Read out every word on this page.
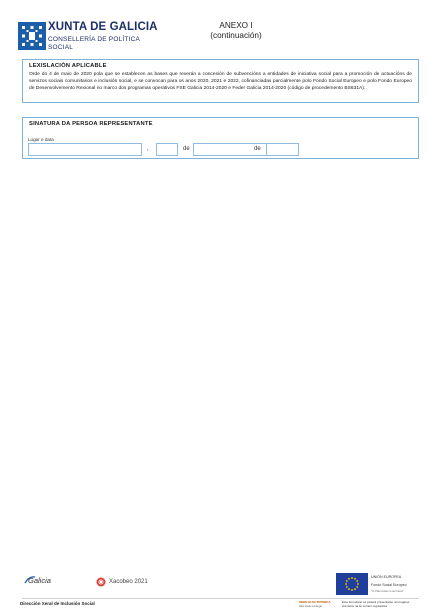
XUNTA DE GALICIA
CONSELLERÍA DE POLÍTICA
SOCIAL
ANEXO I
(continuación)
LEXISLACIÓN APLICABLE
Orde do 4 de maio de 2020 pola que se establecen as bases que rexerán a concesión de subvencións a entidades de iniciativa social para a promoción de actuacións de servizos sociais comunitarios e inclusión social, e se convocan para os anos 2020, 2021 e 2022, cofinanciadas parcialmente polo Fondo Social Europeo e polo Fondo Europeo de Desenvolvemento Rexional no marco dos programas operativos FSE Galicia 2014-2020 e Feder Galicia 2014-2020 (código de procedemento BS631A).
SINATURA DA PERSOA REPRESENTANTE
Lugar e data
,	de	de
Galicia	Xacobeo 2021
UNIÓN EUROPEA
Fondo Social Europeo
"O FSE inviste no teu futuro"
Dirección Xeral de Inclusión Social	SEDE ELECTRÓNICA
https://sede.xunta.gal
Este formulario só poderá presentarse nos lugares previstos na lei común reguladora
